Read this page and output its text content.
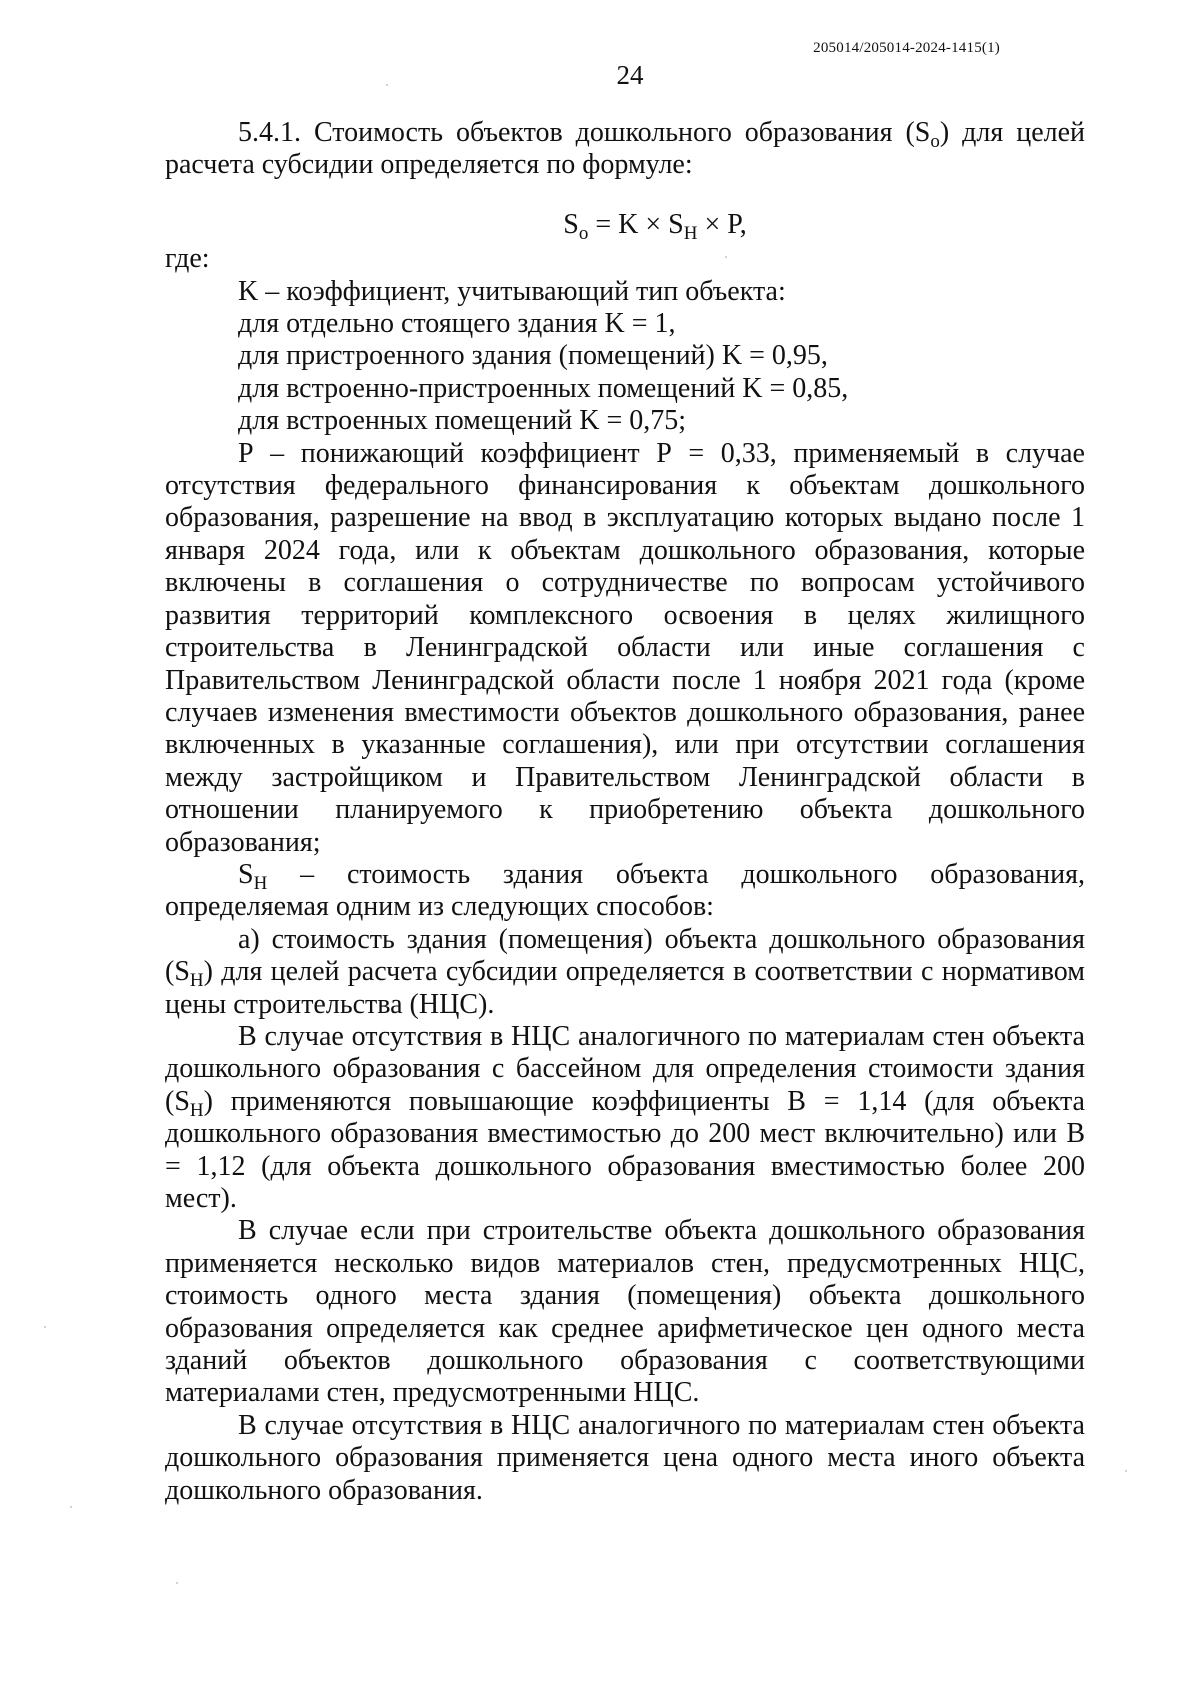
205014/205014-2024-1415(1)
24

5.4.1. Стоимость объектов дошкольного образования $(S_о)$ для целей расчета субсидии определяется по формуле:

$S_о = K \times S_Н \times P$,

где:

K – коэффициент, учитывающий тип объекта:

для отдельно стоящего здания K = 1,

для пристроенного здания (помещений) K = 0,95,

для встроенно-пристроенных помещений K = 0,85,

для встроенных помещений K = 0,75;

Р – понижающий коэффициент Р = 0,33, применяемый в случае отсутствия федерального финансирования к объектам дошкольного образования, разрешение на ввод в эксплуатацию которых выдано после 1 января 2024 года, или к объектам дошкольного образования, которые включены в соглашения о сотрудничестве по вопросам устойчивого развития территорий комплексного освоения в целях жилищного строительства в Ленинградской области или иные соглашения с Правительством Ленинградской области после 1 ноября 2021 года (кроме случаев изменения вместимости объектов дошкольного образования, ранее включенных в указанные соглашения), или при отсутствии соглашения между застройщиком и Правительством Ленинградской области в отношении планируемого к приобретению объекта дошкольного образования;

$S_Н$ – стоимость здания объекта дошкольного образования, определяемая одним из следующих способов:

а) стоимость здания (помещения) объекта дошкольного образования $(S_Н)$ для целей расчета субсидии определяется в соответствии с нормативом цены строительства (НЦС).

В случае отсутствия в НЦС аналогичного по материалам стен объекта дошкольного образования с бассейном для определения стоимости здания $(S_Н)$ применяются повышающие коэффициенты В = 1,14 (для объекта дошкольного образования вместимостью до 200 мест включительно) или В = 1,12 (для объекта дошкольного образования вместимостью более 200 мест).

В случае если при строительстве объекта дошкольного образования применяется несколько видов материалов стен, предусмотренных НЦС, стоимость одного места здания (помещения) объекта дошкольного образования определяется как среднее арифметическое цен одного места зданий объектов дошкольного образования с соответствующими материалами стен, предусмотренными НЦС.

В случае отсутствия в НЦС аналогичного по материалам стен объекта дошкольного образования применяется цена одного места иного объекта дошкольного образования.
